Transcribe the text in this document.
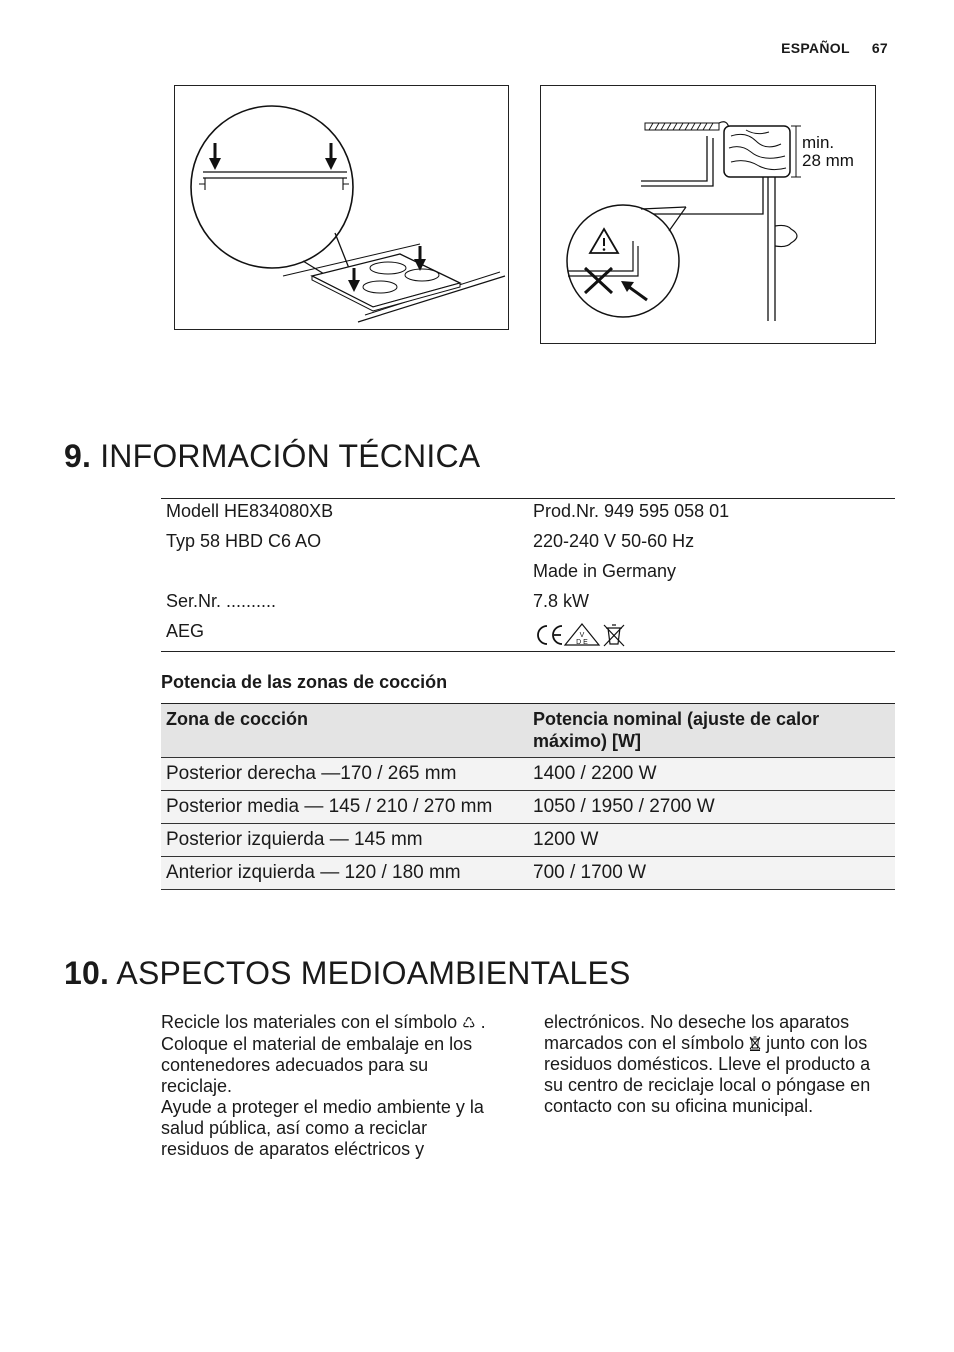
ESPAÑOL 67
min.
28 mm
9. INFORMACIÓN TÉCNICA
Modell HE834080XB	Prod.Nr. 949 595 058 01
Typ 58 HBD C6 AO	220-240 V 50-60 Hz
	Made in Germany
Ser.Nr. ..........	7.8 kW
AEG	V
D E
Potencia de las zonas de cocción
Zona de cocción	Potencia nominal (ajuste de calor máximo) [W]
Posterior derecha —170 / 265 mm	1400 / 2200 W
Posterior media — 145 / 210 / 270 mm	1050 / 1950 / 2700 W
Posterior izquierda — 145 mm	1200 W
Anterior izquierda — 120 / 180 mm	700 / 1700 W
10. ASPECTOS MEDIOAMBIENTALES

Recicle los materiales con el símbolo ♺ . Coloque el material de embalaje en los contenedores adecuados para su reciclaje.

Ayude a proteger el medio ambiente y la salud pública, así como a reciclar residuos de aparatos eléctricos y

electrónicos. No deseche los aparatos marcados con el símbolo junto con los residuos domésticos. Lleve el producto a su centro de reciclaje local o póngase en contacto con su oficina municipal.
